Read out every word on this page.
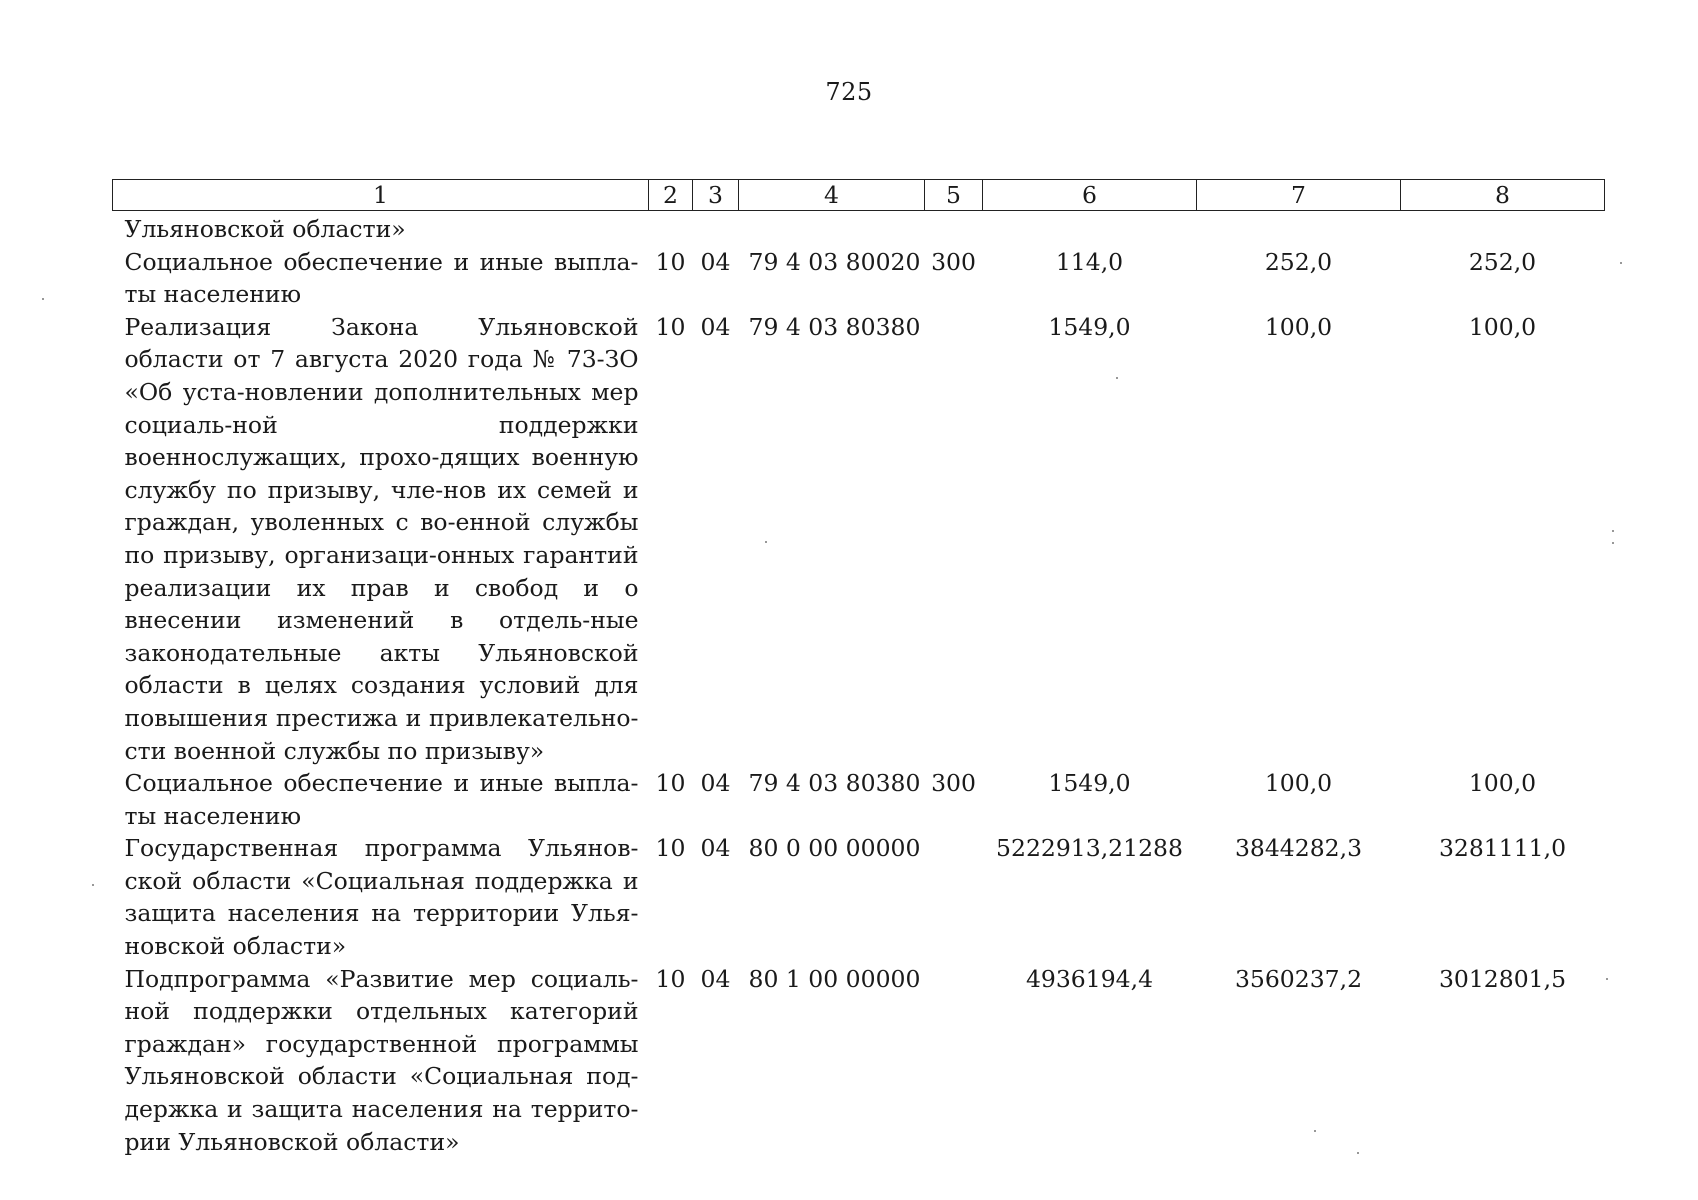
725
1	2	3	4	5	6	7	8
Ульяновской области»							
Социальное обеспечение и иные выпла-ты населению	10	04	79 4 03 80020	300	114,0	252,0	252,0
Реализация Закона Ульяновской области от 7 августа 2020 года № 73-ЗО «Об уста-новлении дополнительных мер социаль-ной поддержки военнослужащих, прохо-дящих военную службу по призыву, чле-нов их семей и граждан, уволенных с во-енной службы по призыву, организаци-онных гарантий реализации их прав и свобод и о внесении изменений в отдель-ные законодательные акты Ульяновской области в целях создания условий для повышения престижа и привлекательно-сти военной службы по призыву»	10	04	79 4 03 80380		1549,0	100,0	100,0
Социальное обеспечение и иные выпла-ты населению	10	04	79 4 03 80380	300	1549,0	100,0	100,0
Государственная программа Ульянов-ской области «Социальная поддержка и защита населения на территории Улья-новской области»	10	04	80 0 00 00000		5222913,21288	3844282,3	3281111,0
Подпрограмма «Развитие мер социаль-ной поддержки отдельных категорий граждан» государственной программы Ульяновской области «Социальная под-держка и защита населения на террито-рии Ульяновской области»	10	04	80 1 00 00000		4936194,4	3560237,2	3012801,5
